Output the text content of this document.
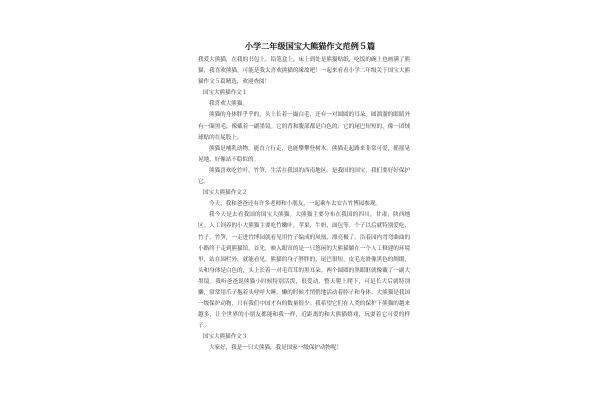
小学二年级国宝大熊猫作文范例５篇

我爱大熊猫，在我的书包上，铅笔盒上，床上到处是熊猫贴纸，吃饭的碗上也画满了熊猫，我喜欢熊猫。可能是我太喜欢熊猫的缘故吧！一起来看看小学二年级关于国宝大熊猫作文５篇精选，欢迎查阅！

国宝大熊猫作文１

我喜欢大熊猫。

熊猫的身体胖乎乎的，头上长着一撮白毛，还有一对圆圆的耳朵。圆溜溜的眼睛外有一圈黑毛，像戴着一副墨镜。它的背和腹部都是白色的；它的尾巴短短的，像一团绒球贴的在屁股上。

熊猫是哺乳动物，能直立行走，也能攀攀登树木。熊猫走起路来非常可爱，摇摇晃晃地，好像站不稳似的。

熊猫喜欢吃竹叶，竹笋，生活在我国的西南地区。是我国的国宝，我们要好好保护它。

国宝大熊猫作文２

今天，我和爸爸还有许多老师和小朋友，一起乘车去安吉竹博园参观。

我今天是去看我国的国宝大熊猫。大熊猫主要分布在我国的四川，甘肃，陕西地区。人工饲养的小大熊猫主要吃竹嫩叶。苹果，牛奶，面包等。个子以后就特别爱吃，竹子，竹笋，一走进竹博园就看见用竹子编成的凤凰，漂亮极了。沿着园内弯弯曲曲的小路终于走到熊猫馆。首先，映入眼帘的是一只悠闲的大熊猫躺在一个人工修建的环境里，站在围栏外，就能看见，熊猫的身子胖胖的，尾巴很短，皮毛光滑像黑色的绸缎，头和身体是白色的，头上长着一对毛茸茸的黑耳朵。两个圆圆的黑眼眶就像戴了一副大墨镜。我听爸爸说熊猫小时候特别活泼，很爱动，整天爬上爬下，可是长大后就特别懒，常常用爪子抱着头呼呼大睡，懒的时候才悄悄地活动着脖子和身体。大熊猫是我国一级保护动物，只有我们中国才有的数量很少。我希望它们在人类的保护下熊猫的越来越多，让全世界的小朋友都能和我一样，近距离的和大熊猫嬉戏，玩耍着它可爱的样子。

国宝大熊猫作文３

大家好，我是一只大熊猫，我是国家一级保护动物呢！
